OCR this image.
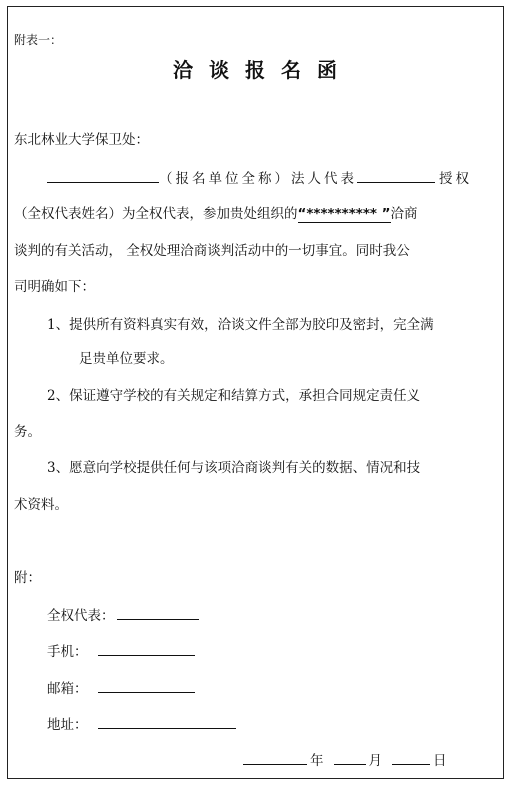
附表一：
洽谈报名函
东北林业大学保卫处：
（报名单位全称）法人代表	授权
（全权代表姓名）为全权代表，参加贵处组织的“********** ”洽商
谈判的有关活动， 全权处理洽商谈判活动中的一切事宜。同时我公
司明确如下：
1、提供所有资料真实有效，洽谈文件全部为胶印及密封，完全满
足贵单位要求。
2、保证遵守学校的有关规定和结算方式，承担合同规定责任义
务。
3、愿意向学校提供任何与该项洽商谈判有关的数据、情况和技
术资料。
附：
全权代表：
手机：
邮箱：
地址：
年	月	日
